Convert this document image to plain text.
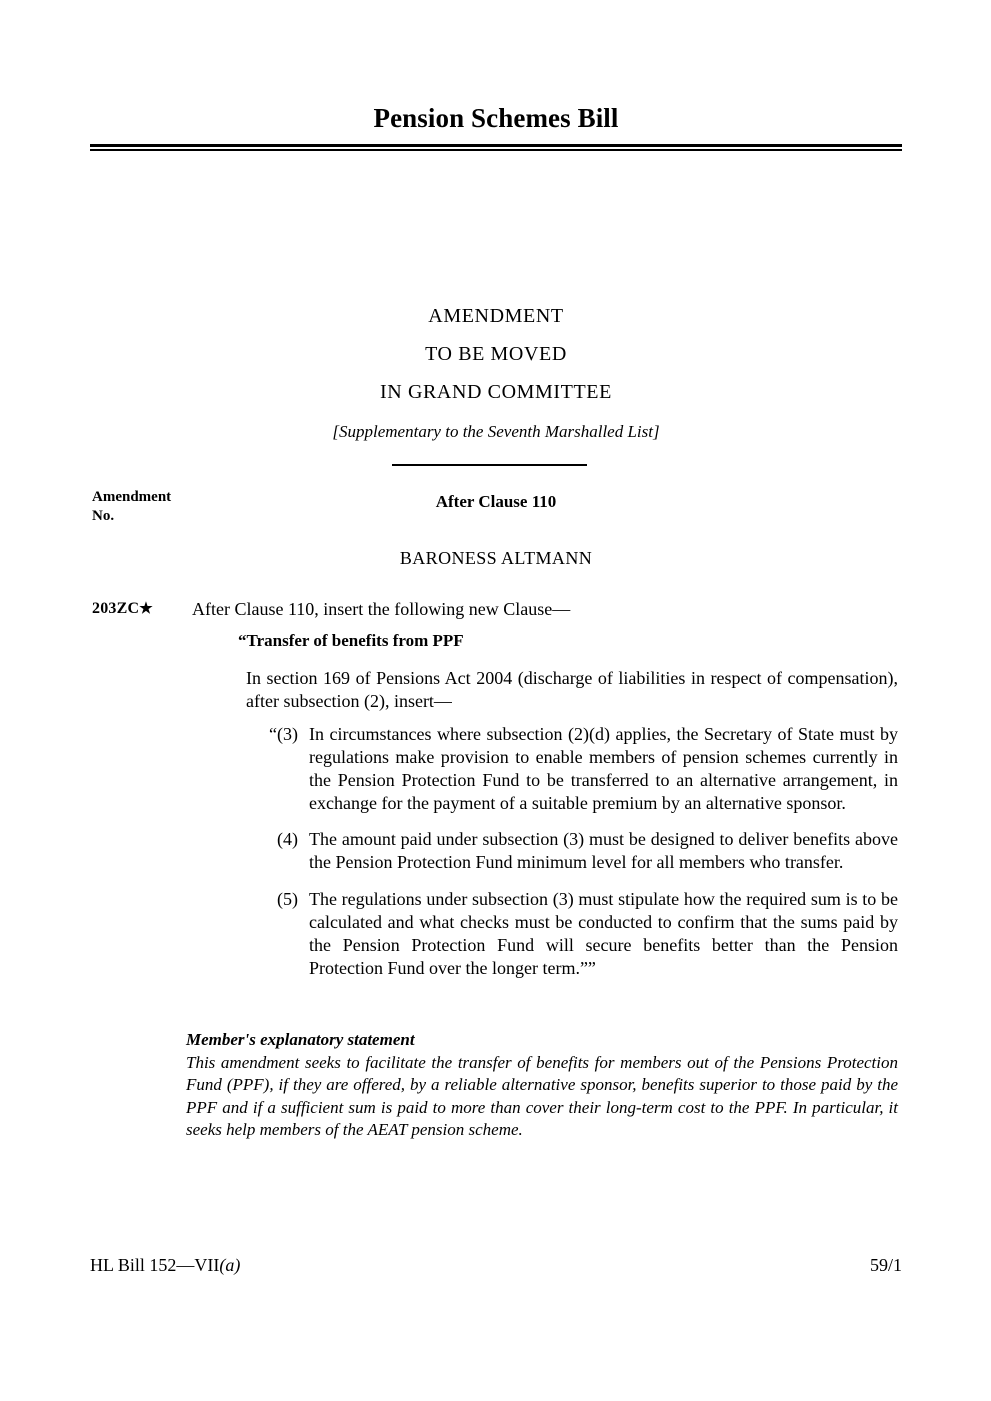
Pension Schemes Bill
AMENDMENT
TO BE MOVED
IN GRAND COMMITTEE
[Supplementary to the Seventh Marshalled List]
Amendment
No.
After Clause 110
BARONESS ALTMANN
203ZC★ After Clause 110, insert the following new Clause—
“Transfer of benefits from PPF
In section 169 of Pensions Act 2004 (discharge of liabilities in respect of compensation), after subsection (2), insert—
“(3) In circumstances where subsection (2)(d) applies, the Secretary of State must by regulations make provision to enable members of pension schemes currently in the Pension Protection Fund to be transferred to an alternative arrangement, in exchange for the payment of a suitable premium by an alternative sponsor.
(4) The amount paid under subsection (3) must be designed to deliver benefits above the Pension Protection Fund minimum level for all members who transfer.
(5) The regulations under subsection (3) must stipulate how the required sum is to be calculated and what checks must be conducted to confirm that the sums paid by the Pension Protection Fund will secure benefits better than the Pension Protection Fund over the longer term.””
Member's explanatory statement
This amendment seeks to facilitate the transfer of benefits for members out of the Pensions Protection Fund (PPF), if they are offered, by a reliable alternative sponsor, benefits superior to those paid by the PPF and if a sufficient sum is paid to more than cover their long-term cost to the PPF. In particular, it seeks help members of the AEAT pension scheme.
HL Bill 152—VII(a)	59/1
